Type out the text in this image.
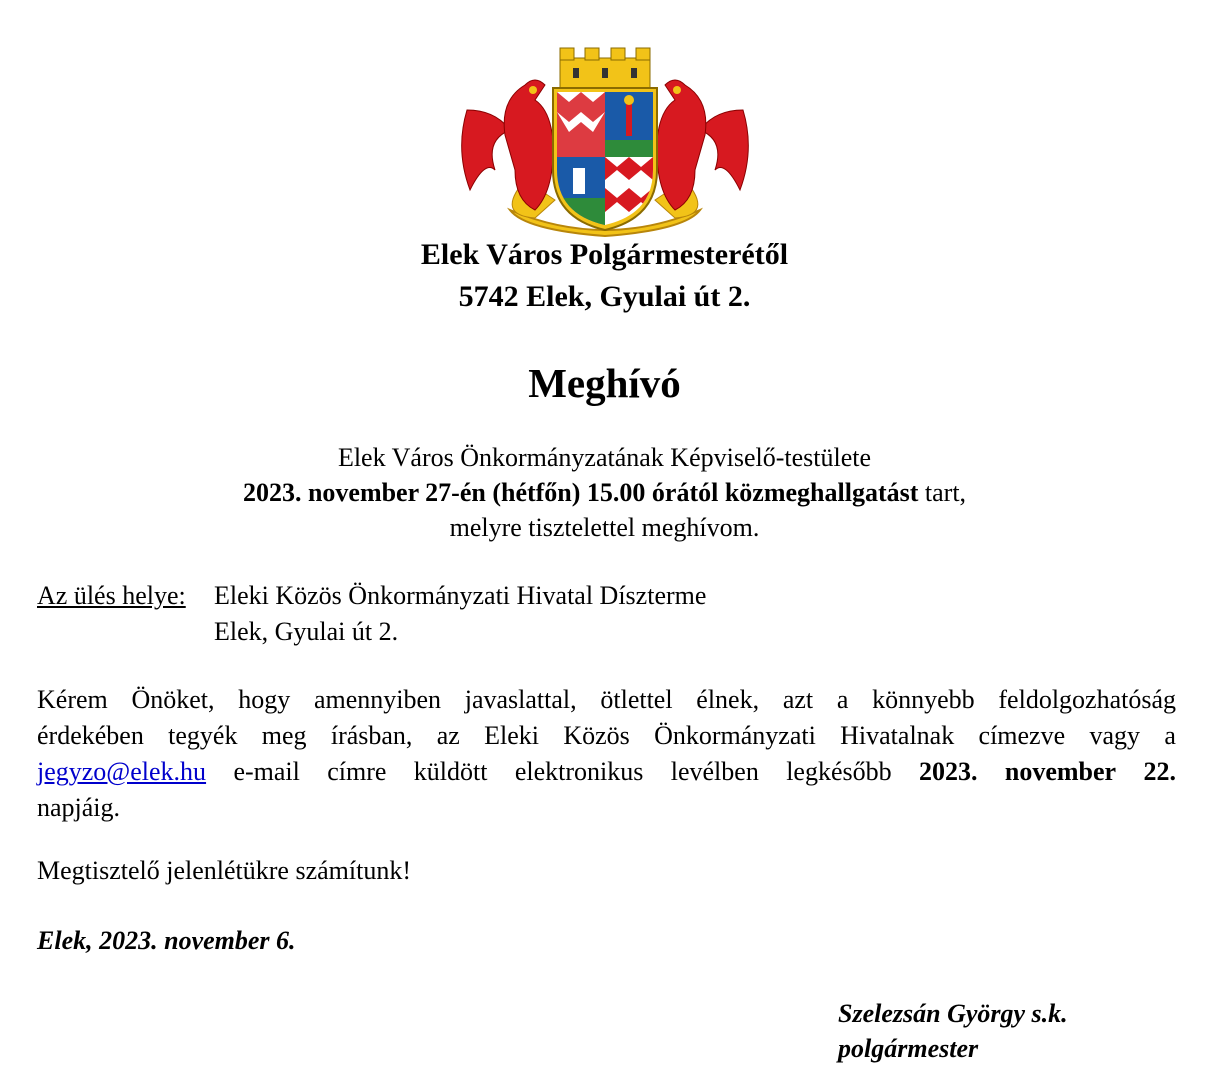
Elek Város Polgármesterétől
5742 Elek, Gyulai út 2.
Meghívó
Elek Város Önkormányzatának Képviselő-testülete
2023. november 27-én (hétfőn) 15.00 órától közmeghallgatást tart,
melyre tisztelettel meghívom.
Az ülés helye: Eleki Közös Önkormányzati Hivatal Díszterme
Elek, Gyulai út 2.
Kérem Önöket, hogy amennyiben javaslattal, ötlettel élnek, azt a könnyebb feldolgozhatóság
érdekében tegyék meg írásban, az Eleki Közös Önkormányzati Hivatalnak címezve vagy a
jegyzo@elek.hu e-mail címre küldött elektronikus levélben legkésőbb 2023. november 22.
napjáig.
Megtisztelő jelenlétükre számítunk!
Elek, 2023. november 6.
Szelezsán György s.k.
polgármester
